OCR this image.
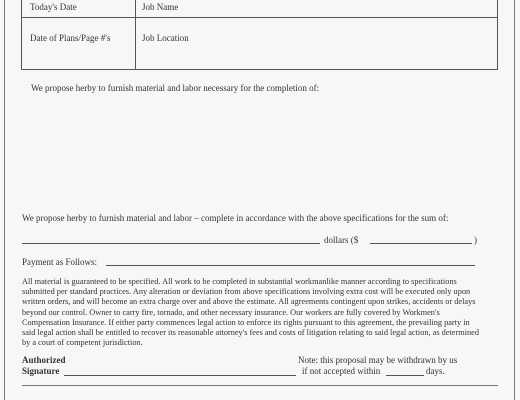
Today's Date	Job Name
Date of Plans/Page #'s	Job Location
We propose herby to furnish material and labor necessary for the completion of:
We propose herby to furnish material and labor – complete in accordance with the above specifications for the sum of:
dollars ($	)
Payment as Follows:
All material is guaranteed to be specified. All work to be completed in substantial workmanlike manner according to specifications
submitted per standard practices. Any alteration or deviation from above specifications involving extra cost will be executed only upon
written orders, and will become an extra charge over and above the estimate. All agreements contingent upon strikes, accidents or delays
beyond our control. Owner to carry fire, tornado, and other necessary insurance. Our workers are fully covered by Workmen's
Compensation Insurance. If either party commences legal action to enforce its rights pursuant to this agreement, the prevailing party in
said legal action shall be entitled to recover its reasonable attorney's fees and costs of litigation relating to said legal action, as determined
by a court of competent jurisdiction.
Authorized
Signature
Note: this proposal may be withdrawn by us
if not accepted within	days.
